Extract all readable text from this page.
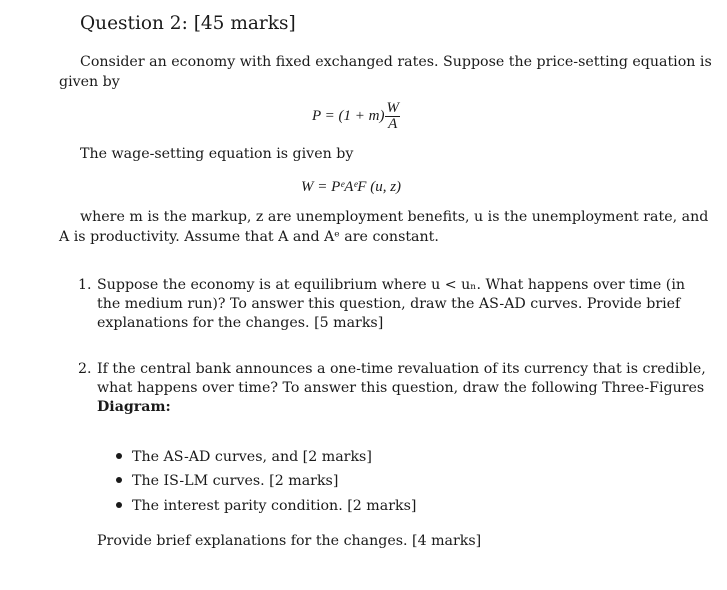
Question 2: [45 marks]
Consider an economy with fixed exchanged rates. Suppose the price-setting equation is
given by
$P = (1 + m) \frac{W}{A}$
The wage-setting equation is given by
W = PᵉAᵉF (u, z)
where m is the markup, z are unemployment benefits, u is the unemployment rate, and
A is productivity. Assume that A and Aᵉ are constant.
1. Suppose the economy is at equilibrium where u < uₙ. What happens over time (in
the medium run)? To answer this question, draw the AS-AD curves. Provide brief
explanations for the changes. [5 marks]
2. If the central bank announces a one-time revaluation of its currency that is credible,
what happens over time? To answer this question, draw the following Three-Figures
Diagram:
The AS-AD curves, and [2 marks]
The IS-LM curves. [2 marks]
The interest parity condition. [2 marks]
Provide brief explanations for the changes. [4 marks]
